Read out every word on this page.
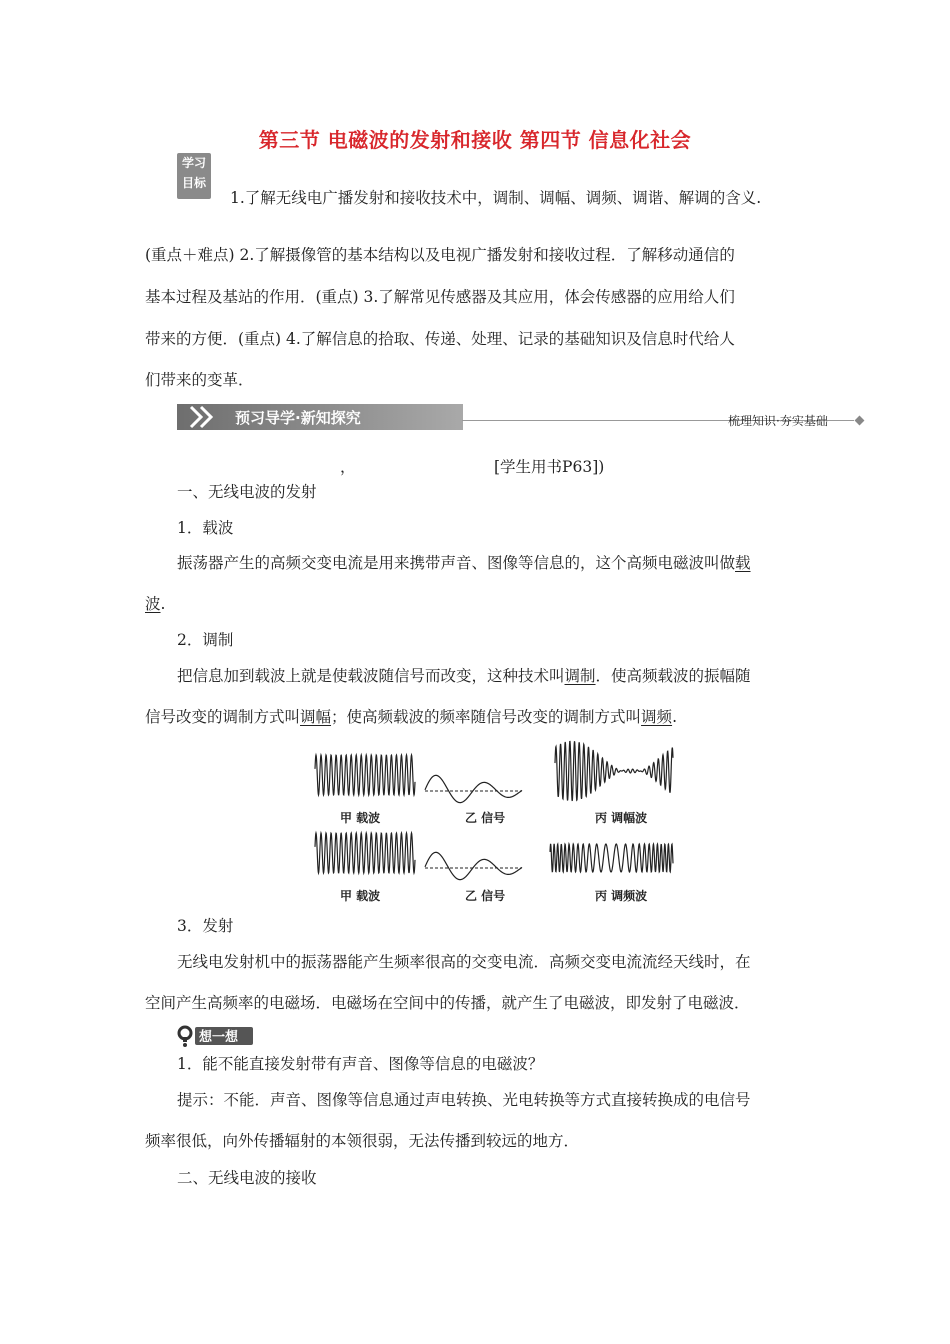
第三节 电磁波的发射和接收 第四节 信息化社会
学习
目标
1.了解无线电广播发射和接收技术中，调制、调幅、调频、调谐、解调的含义.
(重点＋难点) 2.了解摄像管的基本结构以及电视广播发射和接收过程．了解移动通信的
基本过程及基站的作用．(重点) 3.了解常见传感器及其应用，体会传感器的应用给人们
带来的方便．(重点) 4.了解信息的拾取、传递、处理、记录的基础知识及信息时代给人
们带来的变革．
预习导学·新知探究	梳理知识·夯实基础
，	[学生用书P63])
一、无线电波的发射
1．载波
振荡器产生的高频交变电流是用来携带声音、图像等信息的，这个高频电磁波叫做载
波.
2．调制
把信息加到载波上就是使载波随信号而改变，这种技术叫调制．使高频载波的振幅随
信号改变的调制方式叫调幅；使高频载波的频率随信号改变的调制方式叫调频.
甲 载波	乙 信号	丙 调幅波
甲 载波	乙 信号	丙 调频波
3．发射
无线电发射机中的振荡器能产生频率很高的交变电流．高频交变电流流经天线时，在
空间产生高频率的电磁场．电磁场在空间中的传播，就产生了电磁波，即发射了电磁波．
想一想
1．能不能直接发射带有声音、图像等信息的电磁波？
提示：不能．声音、图像等信息通过声电转换、光电转换等方式直接转换成的电信号
频率很低，向外传播辐射的本领很弱，无法传播到较远的地方．
二、无线电波的接收
